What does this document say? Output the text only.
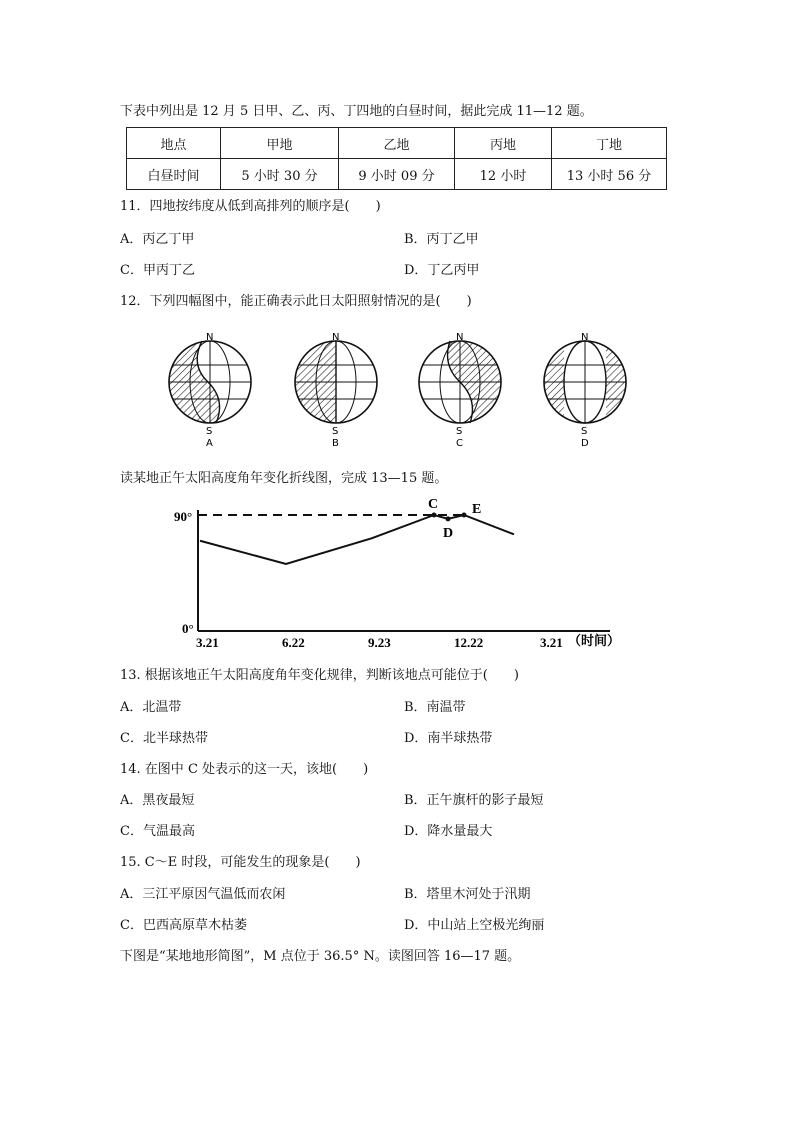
下表中列出是 12 月 5 日甲、乙、丙、丁四地的白昼时间，据此完成 11—12 题。
地点	甲地	乙地	丙地	丁地
白昼时间	5 小时 30 分	9 小时 09 分	12 小时	13 小时 56 分
11．四地按纬度从低到高排列的顺序是(　　)
A．丙乙丁甲	B．丙丁乙甲
C．甲丙丁乙	D．丁乙丙甲
12．下列四幅图中，能正确表示此日太阳照射情况的是(　　)
N
S
A
N
S
B
N
S
C
N
S
D
读某地正午太阳高度角年变化折线图，完成 13—15 题。
90°
0°
3.21	6.22	9.23	12.22	3.21 （时间）
C
D
E
13. 根据该地正午太阳高度角年变化规律，判断该地点可能位于(　　)
A．北温带	B．南温带
C．北半球热带	D．南半球热带
14. 在图中 C 处表示的这一天，该地(　　)
A．黑夜最短	B．正午旗杆的影子最短
C．气温最高	D．降水量最大
15. C～E 时段，可能发生的现象是(　　)
A．三江平原因气温低而农闲	B．塔里木河处于汛期
C．巴西高原草木枯萎	D．中山站上空极光绚丽
下图是“某地地形简图”，M 点位于 36.5° N。读图回答 16—17 题。
